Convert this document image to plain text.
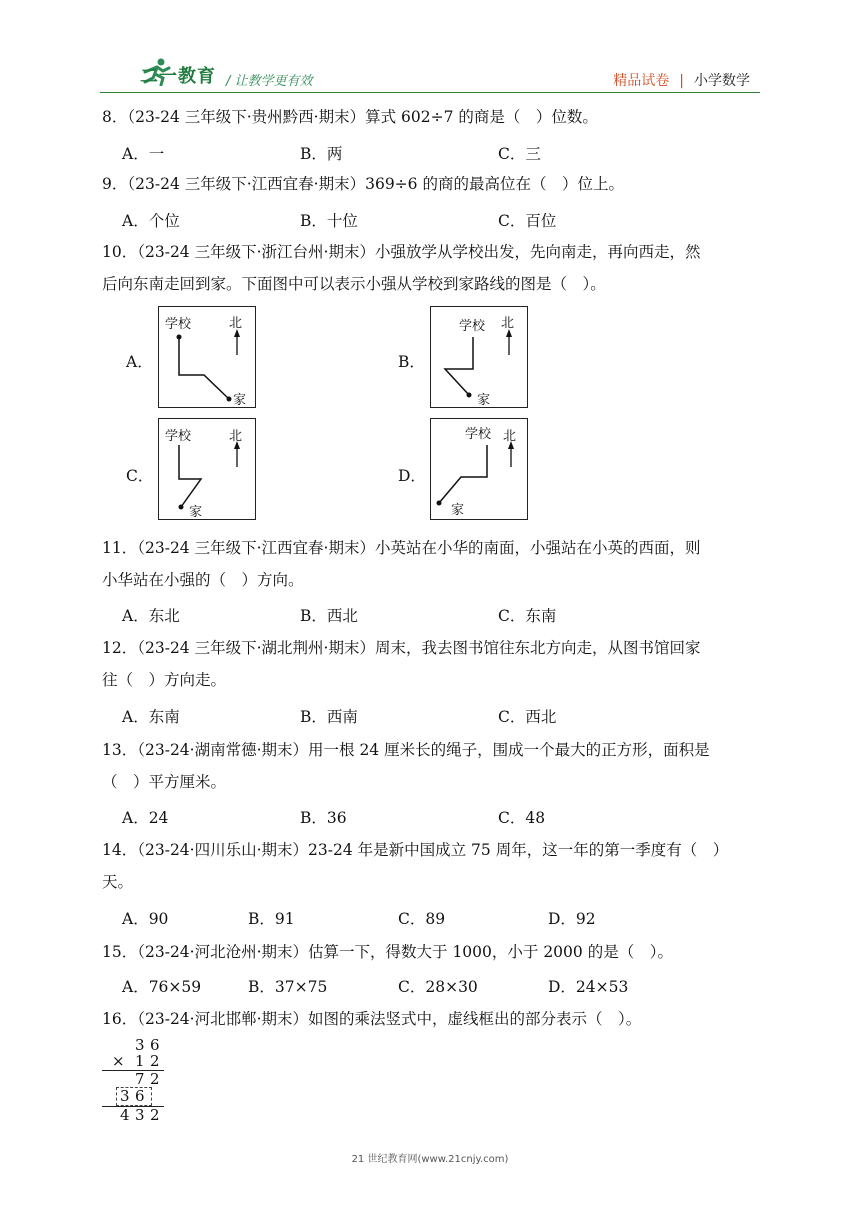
二一教育 / 让教学更有效	精品试卷 | 小学数学
8．（23-24 三年级下·贵州黔西·期末）算式 602÷7 的商是（　）位数。
A．一	B．两	C．三
9．（23-24 三年级下·江西宜春·期末）369÷6 的商的最高位在（　）位上。
A．个位	B．十位	C．百位
10．（23-24 三年级下·浙江台州·期末）小强放学从学校出发，先向南走，再向西走，然
后向东南走回到家。下面图中可以表示小强从学校到家路线的图是（　）。
A．
学校	北
家
B．
学校 北
家
C．
学校	北
家
D．
学校 北
家
11．（23-24 三年级下·江西宜春·期末）小英站在小华的南面，小强站在小英的西面，则
小华站在小强的（　）方向。
A．东北	B．西北	C．东南
12．（23-24 三年级下·湖北荆州·期末）周末，我去图书馆往东北方向走，从图书馆回家
往（　）方向走。
A．东南	B．西南	C．西北
13．（23-24·湖南常德·期末）用一根 24 厘米长的绳子，围成一个最大的正方形，面积是
（　）平方厘米。
A．24	B．36	C．48
14．（23-24·四川乐山·期末）23-24 年是新中国成立 75 周年，这一年的第一季度有（　）
天。
A．90	B．91	C．89	D．92
15．（23-24·河北沧州·期末）估算一下，得数大于 1000，小于 2000 的是（　）。
A．76×59	B．37×75	C．28×30	D．24×53
16．（23-24·河北邯郸·期末）如图的乘法竖式中，虚线框出的部分表示（　）。
3 6
× 1 2
7 2
3 6
4 3 2
21 世纪教育网(www.21cnjy.com)
